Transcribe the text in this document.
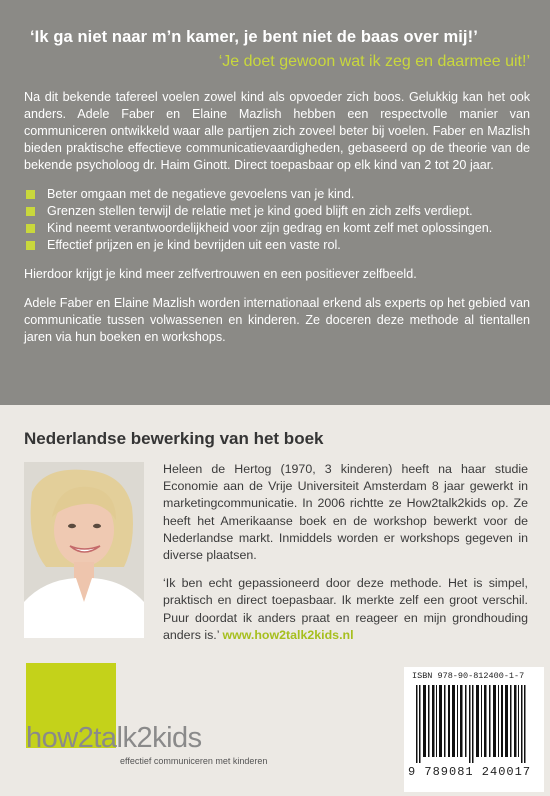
‘Ik ga niet naar m’n kamer, je bent niet de baas over mij!’
‘Je doet gewoon wat ik zeg en daarmee uit!’

Na dit bekende tafereel voelen zowel kind als opvoeder zich boos. Gelukkig kan het ook anders. Adele Faber en Elaine Mazlish hebben een respectvolle manier van communiceren ontwikkeld waar alle partijen zich zoveel beter bij voelen. Faber en Mazlish bieden praktische effectieve communicatievaardigheden, gebaseerd op de theorie van de bekende psycholoog dr. Haim Ginott. Direct toepasbaar op elk kind van 2 tot 20 jaar.

Beter omgaan met de negatieve gevoelens van je kind.
Grenzen stellen terwijl de relatie met je kind goed blijft en zich zelfs verdiept.
Kind neemt verantwoordelijkheid voor zijn gedrag en komt zelf met oplossingen.
Effectief prijzen en je kind bevrijden uit een vaste rol.

Hierdoor krijgt je kind meer zelfvertrouwen en een positiever zelfbeeld.

Adele Faber en Elaine Mazlish worden internationaal erkend als experts op het gebied van communicatie tussen volwassenen en kinderen. Ze doceren deze methode al tientallen jaren via hun boeken en workshops.

Nederlandse bewerking van het boek

Heleen de Hertog (1970, 3 kinderen) heeft na haar studie Economie aan de Vrije Universiteit Amsterdam 8 jaar gewerkt in marketingcommunicatie. In 2006 richtte ze How2talk2kids op. Ze heeft het Amerikaanse boek en de workshop bewerkt voor de Nederlandse markt. Inmiddels worden er workshops gegeven in diverse plaatsen.

‘Ik ben echt gepassioneerd door deze methode. Het is simpel, praktisch en direct toepasbaar. Ik merkte zelf een groot verschil. Puur doordat ik anders praat en reageer en mijn grondhouding anders is.’ www.how2talk2kids.nl

how2talk2kids
effectief communiceren met kinderen
ISBN 978-90-812400-1-7
9 789081 240017
